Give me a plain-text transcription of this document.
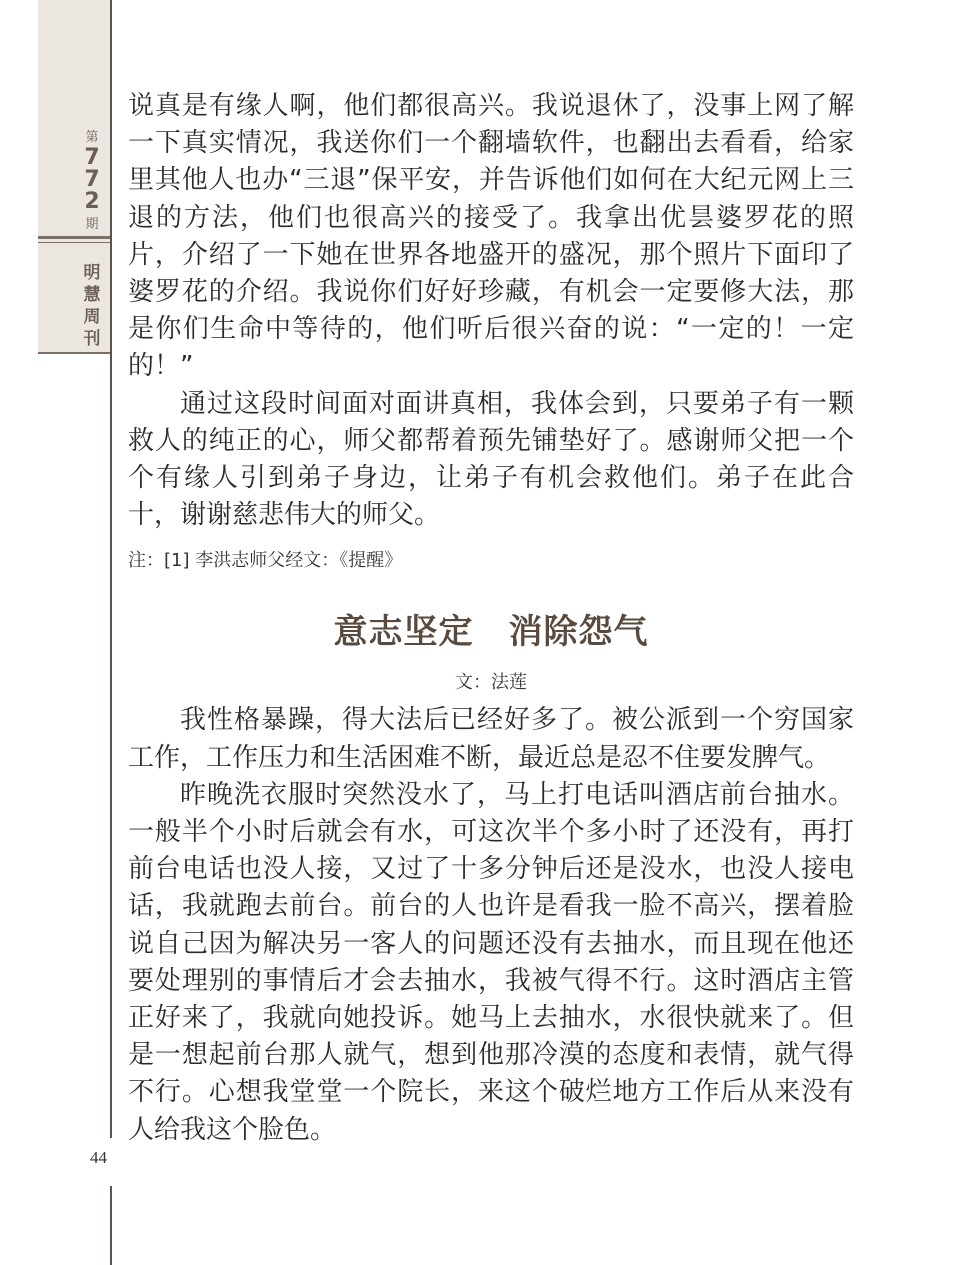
第
7
7
2
期
明
慧
周
刊
44

说真是有缘人啊，他们都很高兴。我说退休了，没事上网了解一下真实情况，我送你们一个翻墙软件，也翻出去看看，给家里其他人也办“三退”保平安，并告诉他们如何在大纪元网上三退的方法，他们也很高兴的接受了。我拿出优昙婆罗花的照片，介绍了一下她在世界各地盛开的盛况，那个照片下面印了婆罗花的介绍。我说你们好好珍藏，有机会一定要修大法，那是你们生命中等待的，他们听后很兴奋的说：“一定的！一定的！”

通过这段时间面对面讲真相，我体会到，只要弟子有一颗救人的纯正的心，师父都帮着预先铺垫好了。感谢师父把一个个有缘人引到弟子身边，让弟子有机会救他们。弟子在此合十，谢谢慈悲伟大的师父。

注：[1] 李洪志师父经文：《提醒》

意志坚定　消除怨气
文：法莲

我性格暴躁，得大法后已经好多了。被公派到一个穷国家工作，工作压力和生活困难不断，最近总是忍不住要发脾气。

昨晚洗衣服时突然没水了，马上打电话叫酒店前台抽水。一般半个小时后就会有水，可这次半个多小时了还没有，再打前台电话也没人接，又过了十多分钟后还是没水，也没人接电话，我就跑去前台。前台的人也许是看我一脸不高兴，摆着脸说自己因为解决另一客人的问题还没有去抽水，而且现在他还要处理别的事情后才会去抽水，我被气得不行。这时酒店主管正好来了，我就向她投诉。她马上去抽水，水很快就来了。但是一想起前台那人就气，想到他那冷漠的态度和表情，就气得不行。心想我堂堂一个院长，来这个破烂地方工作后从来没有人给我这个脸色。
